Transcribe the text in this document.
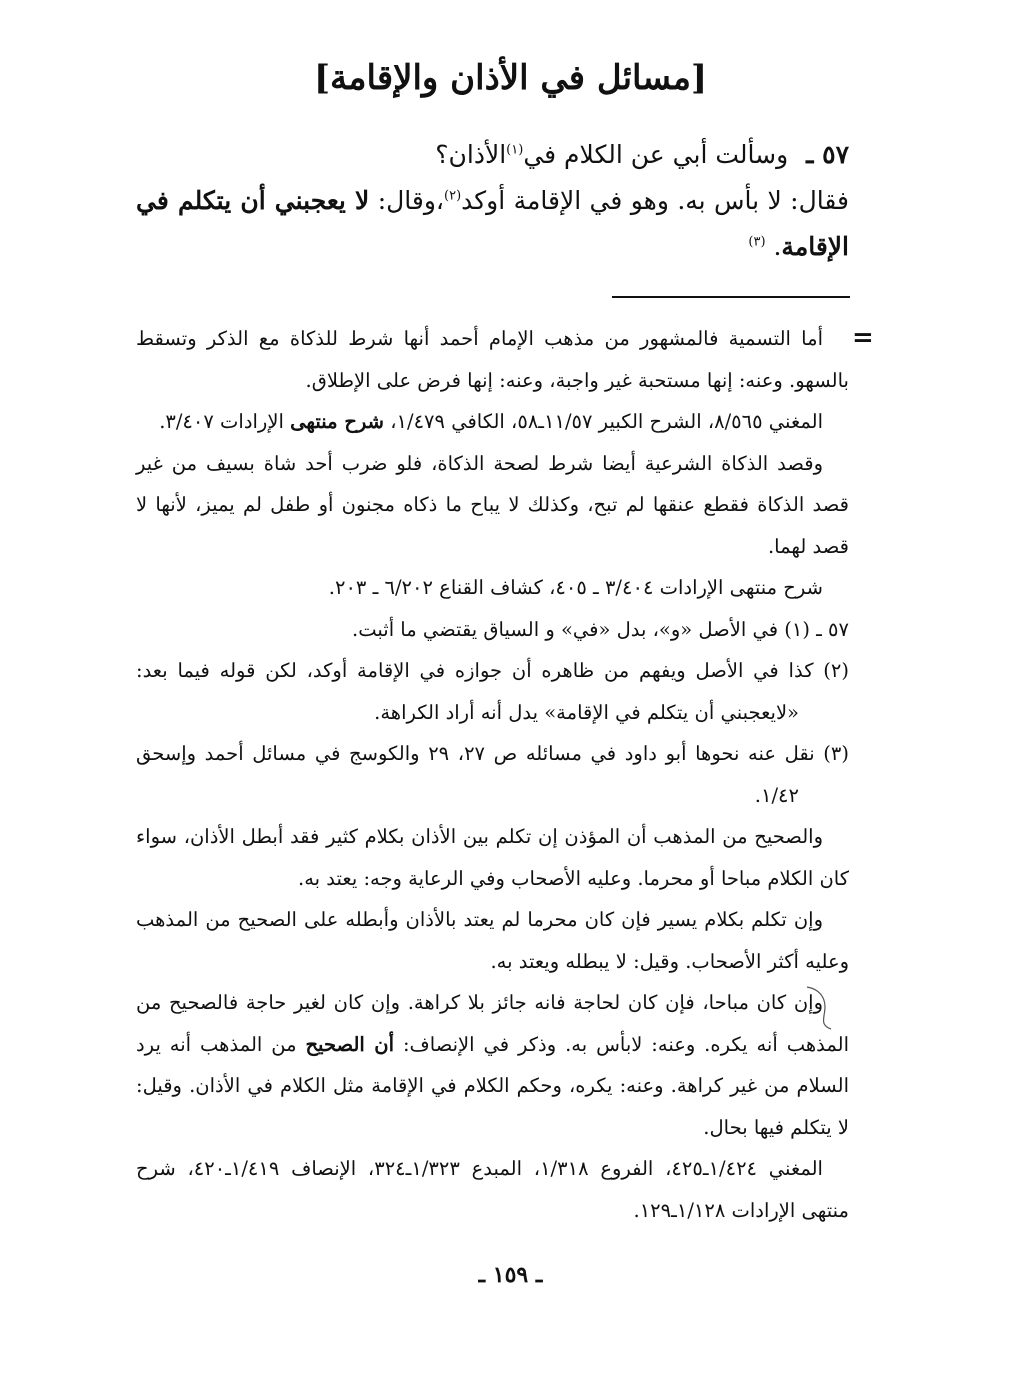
[مسائل في الأذان والإقامة]
٥٧ ـ وسألت أبي عن الكلام في$^{(١)}$الأذان؟
فقال: لا بأس به. وهو في الإقامة أوكد$^{(٢)}$،وقال: لا يعجبني أن يتكلم في الإقامة. $^{(٣)}$
=

أما التسمية فالمشهور من مذهب الإمام أحمد أنها شرط للذكاة مع الذكر وتسقط بالسهو. وعنه: إنها مستحبة غير واجبة، وعنه: إنها فرض على الإطلاق.

المغني ٨/٥٦٥، الشرح الكبير ١١/٥٧ـ٥٨، الكافي ١/٤٧٩، شرح منتهى الإرادات ٣/٤٠٧.

وقصد الذكاة الشرعية أيضا شرط لصحة الذكاة، فلو ضرب أحد شاة بسيف من غير قصد الذكاة فقطع عنقها لم تبح، وكذلك لا يباح ما ذكاه مجنون أو طفل لم يميز، لأنها لا قصد لهما.

شرح منتهى الإرادات ٣/٤٠٤ ـ ٤٠٥، كشاف القناع ٦/٢٠٢ ـ ٢٠٣.

٥٧ ـ (١) في الأصل «و»، بدل «في» و السياق يقتضي ما أثبت.

(٢) كذا في الأصل ويفهم من ظاهره أن جوازه في الإقامة أوكد، لكن قوله فيما بعد: «لايعجبني أن يتكلم في الإقامة» يدل أنه أراد الكراهة.

(٣) نقل عنه نحوها أبو داود في مسائله ص ٢٧، ٢٩ والكوسج في مسائل أحمد وإسحق ١/٤٢.

والصحيح من المذهب أن المؤذن إن تكلم بين الأذان بكلام كثير فقد أبطل الأذان، سواء كان الكلام مباحا أو محرما. وعليه الأصحاب وفي الرعاية وجه: يعتد به.

وإن تكلم بكلام يسير فإن كان محرما لم يعتد بالأذان وأبطله على الصحيح من المذهب وعليه أكثر الأصحاب. وقيل: لا يبطله ويعتد به.

وإن كان مباحا، فإن كان لحاجة فانه جائز بلا كراهة. وإن كان لغير حاجة فالصحيح من المذهب أنه يكره. وعنه: لابأس به. وذكر في الإنصاف: أن الصحيح من المذهب أنه يرد السلام من غير كراهة. وعنه: يكره، وحكم الكلام في الإقامة مثل الكلام في الأذان. وقيل: لا يتكلم فيها بحال.

المغني ١/٤٢٤ـ٤٢٥، الفروع ١/٣١٨، المبدع ١/٣٢٣ـ٣٢٤، الإنصاف ١/٤١٩ـ٤٢٠، شرح منتهى الإرادات ١/١٢٨ـ١٢٩.

ـ ١٥٩ ـ
